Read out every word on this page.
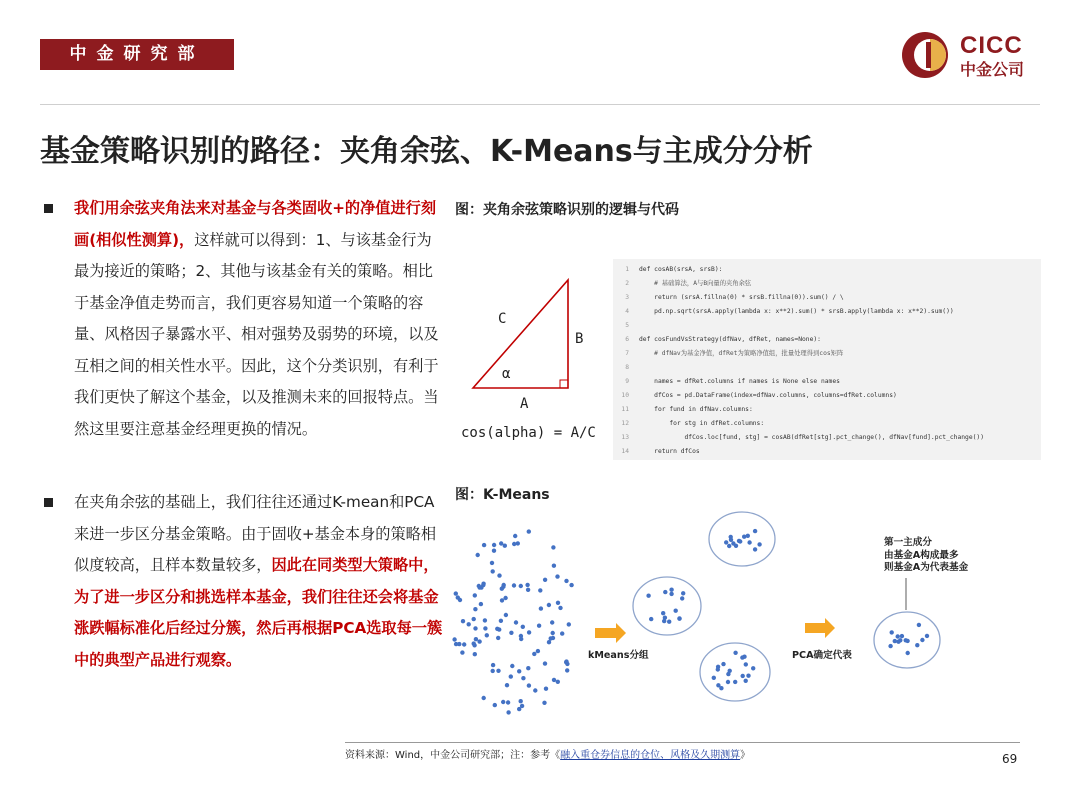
中金研究部	CICC
中金公司
基金策略识别的路径：夹角余弦、K-Means与主成分分析
我们用余弦夹角法来对基金与各类固收+的净值进行刻画(相似性测算)，这样就可以得到：1、与该基金行为最为接近的策略；2、其他与该基金有关的策略。相比于基金净值走势而言，我们更容易知道一个策略的容量、风格因子暴露水平、相对强势及弱势的环境，以及互相之间的相关性水平。因此，这个分类识别，有利于我们更快了解这个基金，以及推测未来的回报特点。当然这里要注意基金经理更换的情况。
在夹角余弦的基础上，我们往往还通过K-mean和PCA来进一步区分基金策略。由于固收+基金本身的策略相似度较高，且样本数量较多，因此在同类型大策略中，为了进一步区分和挑选样本基金，我们往往还会将基金涨跌幅标准化后经过分簇，然后再根据PCA选取每一簇中的典型产品进行观察。
图：夹角余弦策略识别的逻辑与代码
C
B
α
A
cos(alpha) = A/C
1 def cosAB(srsA, srsB):
2    # 基础算法，A与B向量的夹角余弦
3    return (srsA.fillna(0) * srsB.fillna(0)).sum() / \
4    pd.np.sqrt(srsA.apply(lambda x: x**2).sum() * srsB.apply(lambda x: x**2).sum())
5
6 def cosFundVsStrategy(dfNav, dfRet, names=None):
7    # dfNav为基金净值，dfRet为策略净值组，批量处理得到cos矩阵
8
9    names = dfRet.columns if names is None else names
10    dfCos = pd.DataFrame(index=dfNav.columns, columns=dfRet.columns)
11    for fund in dfNav.columns:
12        for stg in dfRet.columns:
13            dfCos.loc[fund, stg] = cosAB(dfRet[stg].pct_change(), dfNav[fund].pct_change())
14    return dfCos
图：K-Means
kMeans分组	PCA确定代表
第一主成分
由基金A构成最多
则基金A为代表基金
资料来源：Wind，中金公司研究部；注：参考《融入重仓券信息的仓位、风格及久期测算》	69
